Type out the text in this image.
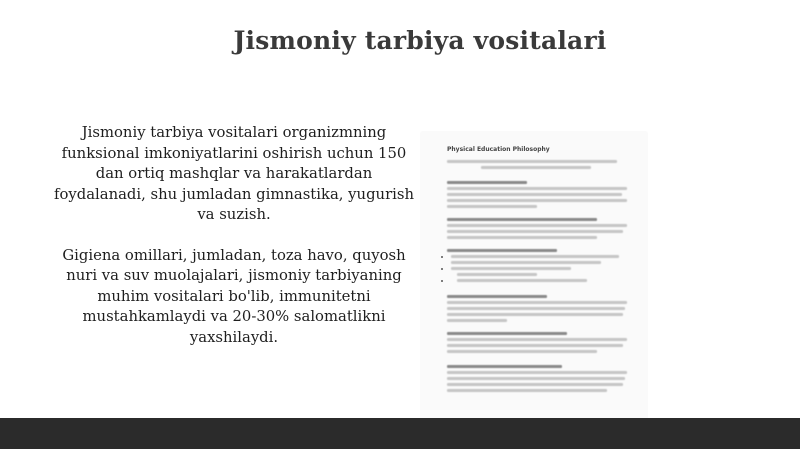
Jismoniy tarbiya vositalari

Jismoniy tarbiya vositalari organizmning funksional imkoniyatlarini oshirish uchun 150 dan ortiq mashqlar va harakatlardan foydalanadi, shu jumladan gimnastika, yugurish va suzish.

Gigiena omillari, jumladan, toza havo, quyosh nuri va suv muolajalari, jismoniy tarbiyaning muhim vositalari bo'lib, immunitetni mustahkamlaydi va 20-30% salomatlikni yaxshilaydi.

Physical Education Philosophy
